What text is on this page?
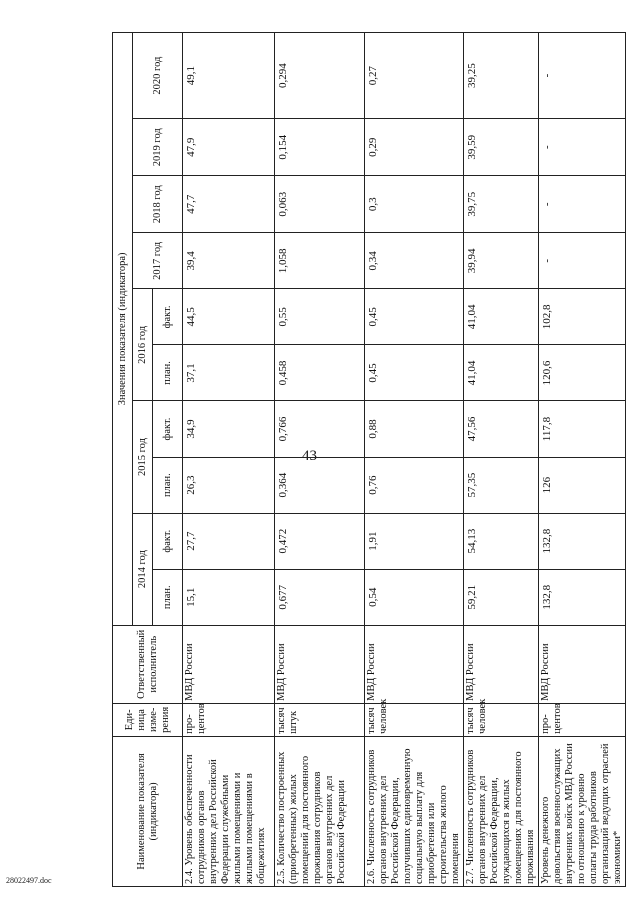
43
28022497.doc
Наименование показателя (индикатора)	Еди-ница изме-рения	Ответственный исполнитель	Значения показателя (индикатора)									
			2014 год		2015 год		2016 год		2017 год	2018 год	2019 год	2020 год
			план.	факт.	план.	факт.	план.	факт.				
2.4. Уровень обеспеченности сотрудников органов внутренних дел Российской Федерации служебными жилыми помещениями и жилыми помещениями в общежитиях	про-центов	МВД России	15,1	27,7	26,3	34,9	37,1	44,5	39,4	47,7	47,9	49,1
2.5. Количество построенных (приобретенных) жилых помещений для постоянного проживания сотрудников органов внутренних дел Российской Федерации	тысяч штук	МВД России	0,677	0,472	0,364	0,766	0,458	0,55	1,058	0,063	0,154	0,294
2.6. Численность сотрудников органов внутренних дел Российской Федерации, получивших единовременную социальную выплату для приобретения или строительства жилого помещения	тысяч человек	МВД России	0,54	1,91	0,76	0,88	0,45	0,45	0,34	0,3	0,29	0,27
2.7. Численность сотрудников органов внутренних дел Российской Федерации, нуждающихся в жилых помещениях для постоянного проживания	тысяч человек	МВД России	59,21	54,13	57,35	47,56	41,04	41,04	39,94	39,75	39,59	39,25
Уровень денежного довольствия военнослужащих внутренних войск МВД России по отношению к уровню оплаты труда работников организаций ведущих отраслей экономики*	про-центов	МВД России	132,8	132,8	126	117,8	120,6	102,8	-	-	-	-
